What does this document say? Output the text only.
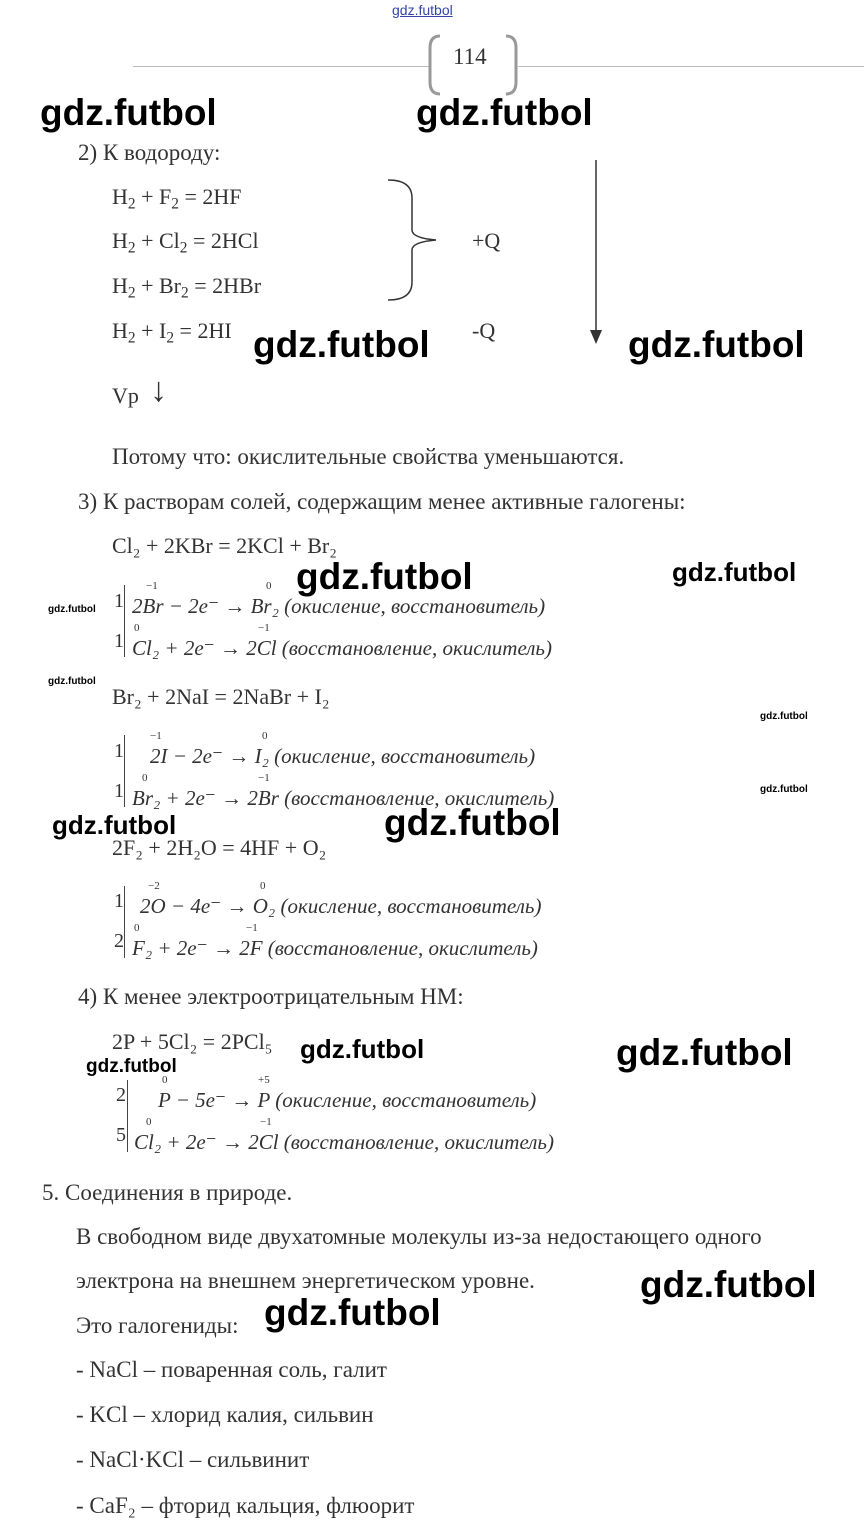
gdz.futbol
114
gdz.futbol	gdz.futbol
gdz.futbol	gdz.futbol
gdz.futbol	gdz.futbol
gdz.futbol
gdz.futbol
gdz.futbol
gdz.futbol
gdz.futbol	gdz.futbol
gdz.futbol	gdz.futbol
gdz.futbol
gdz.futbol
gdz.futbol
2) К водороду:
$H_2 + F_2 = 2HF$
$H_2 + Cl_2 = 2HCl$
$H_2 + Br_2 = 2HBr$
$H_2 + I_2 = 2HI$
+Q
-Q
Vp ↓
Потому что: окислительные свойства уменьшаются.
3) К растворам солей, содержащим менее активные галогены:
Cl₂ + 2KBr = 2KCl + Br₂
1
1
−1	0
2Br − 2e⁻ → Br₂ (окисление, восстановитель)
0	−1
Cl₂ + 2e⁻ → 2Cl (восстановление, окислитель)
Br₂ + 2NaI = 2NaBr + I₂
1
1
−1	0
2I − 2e⁻ → I₂ (окисление, восстановитель)
0	−1
Br₂ + 2e⁻ → 2Br (восстановление, окислитель)
2F₂ + 2H₂O = 4HF + O₂
1
2
−2	0
2O − 4e⁻ → O₂ (окисление, восстановитель)
0	−1
F₂ + 2e⁻ → 2F (восстановление, окислитель)
4) К менее электроотрицательным НМ:
2P + 5Cl₂ = 2PCl₅
2
5
0	+5
P − 5e⁻ → P (окисление, восстановитель)
0	−1
Cl₂ + 2e⁻ → 2Cl (восстановление, окислитель)
5. Соединения в природе.
В свободном виде двухатомные молекулы из-за недостающего одного
электрона на внешнем энергетическом уровне.
Это галогениды:
- NaCl – поваренная соль, галит
- KCl – хлорид калия, сильвин
- NaCl·KCl – сильвинит
- CaF₂ – фторид кальция, флюорит
